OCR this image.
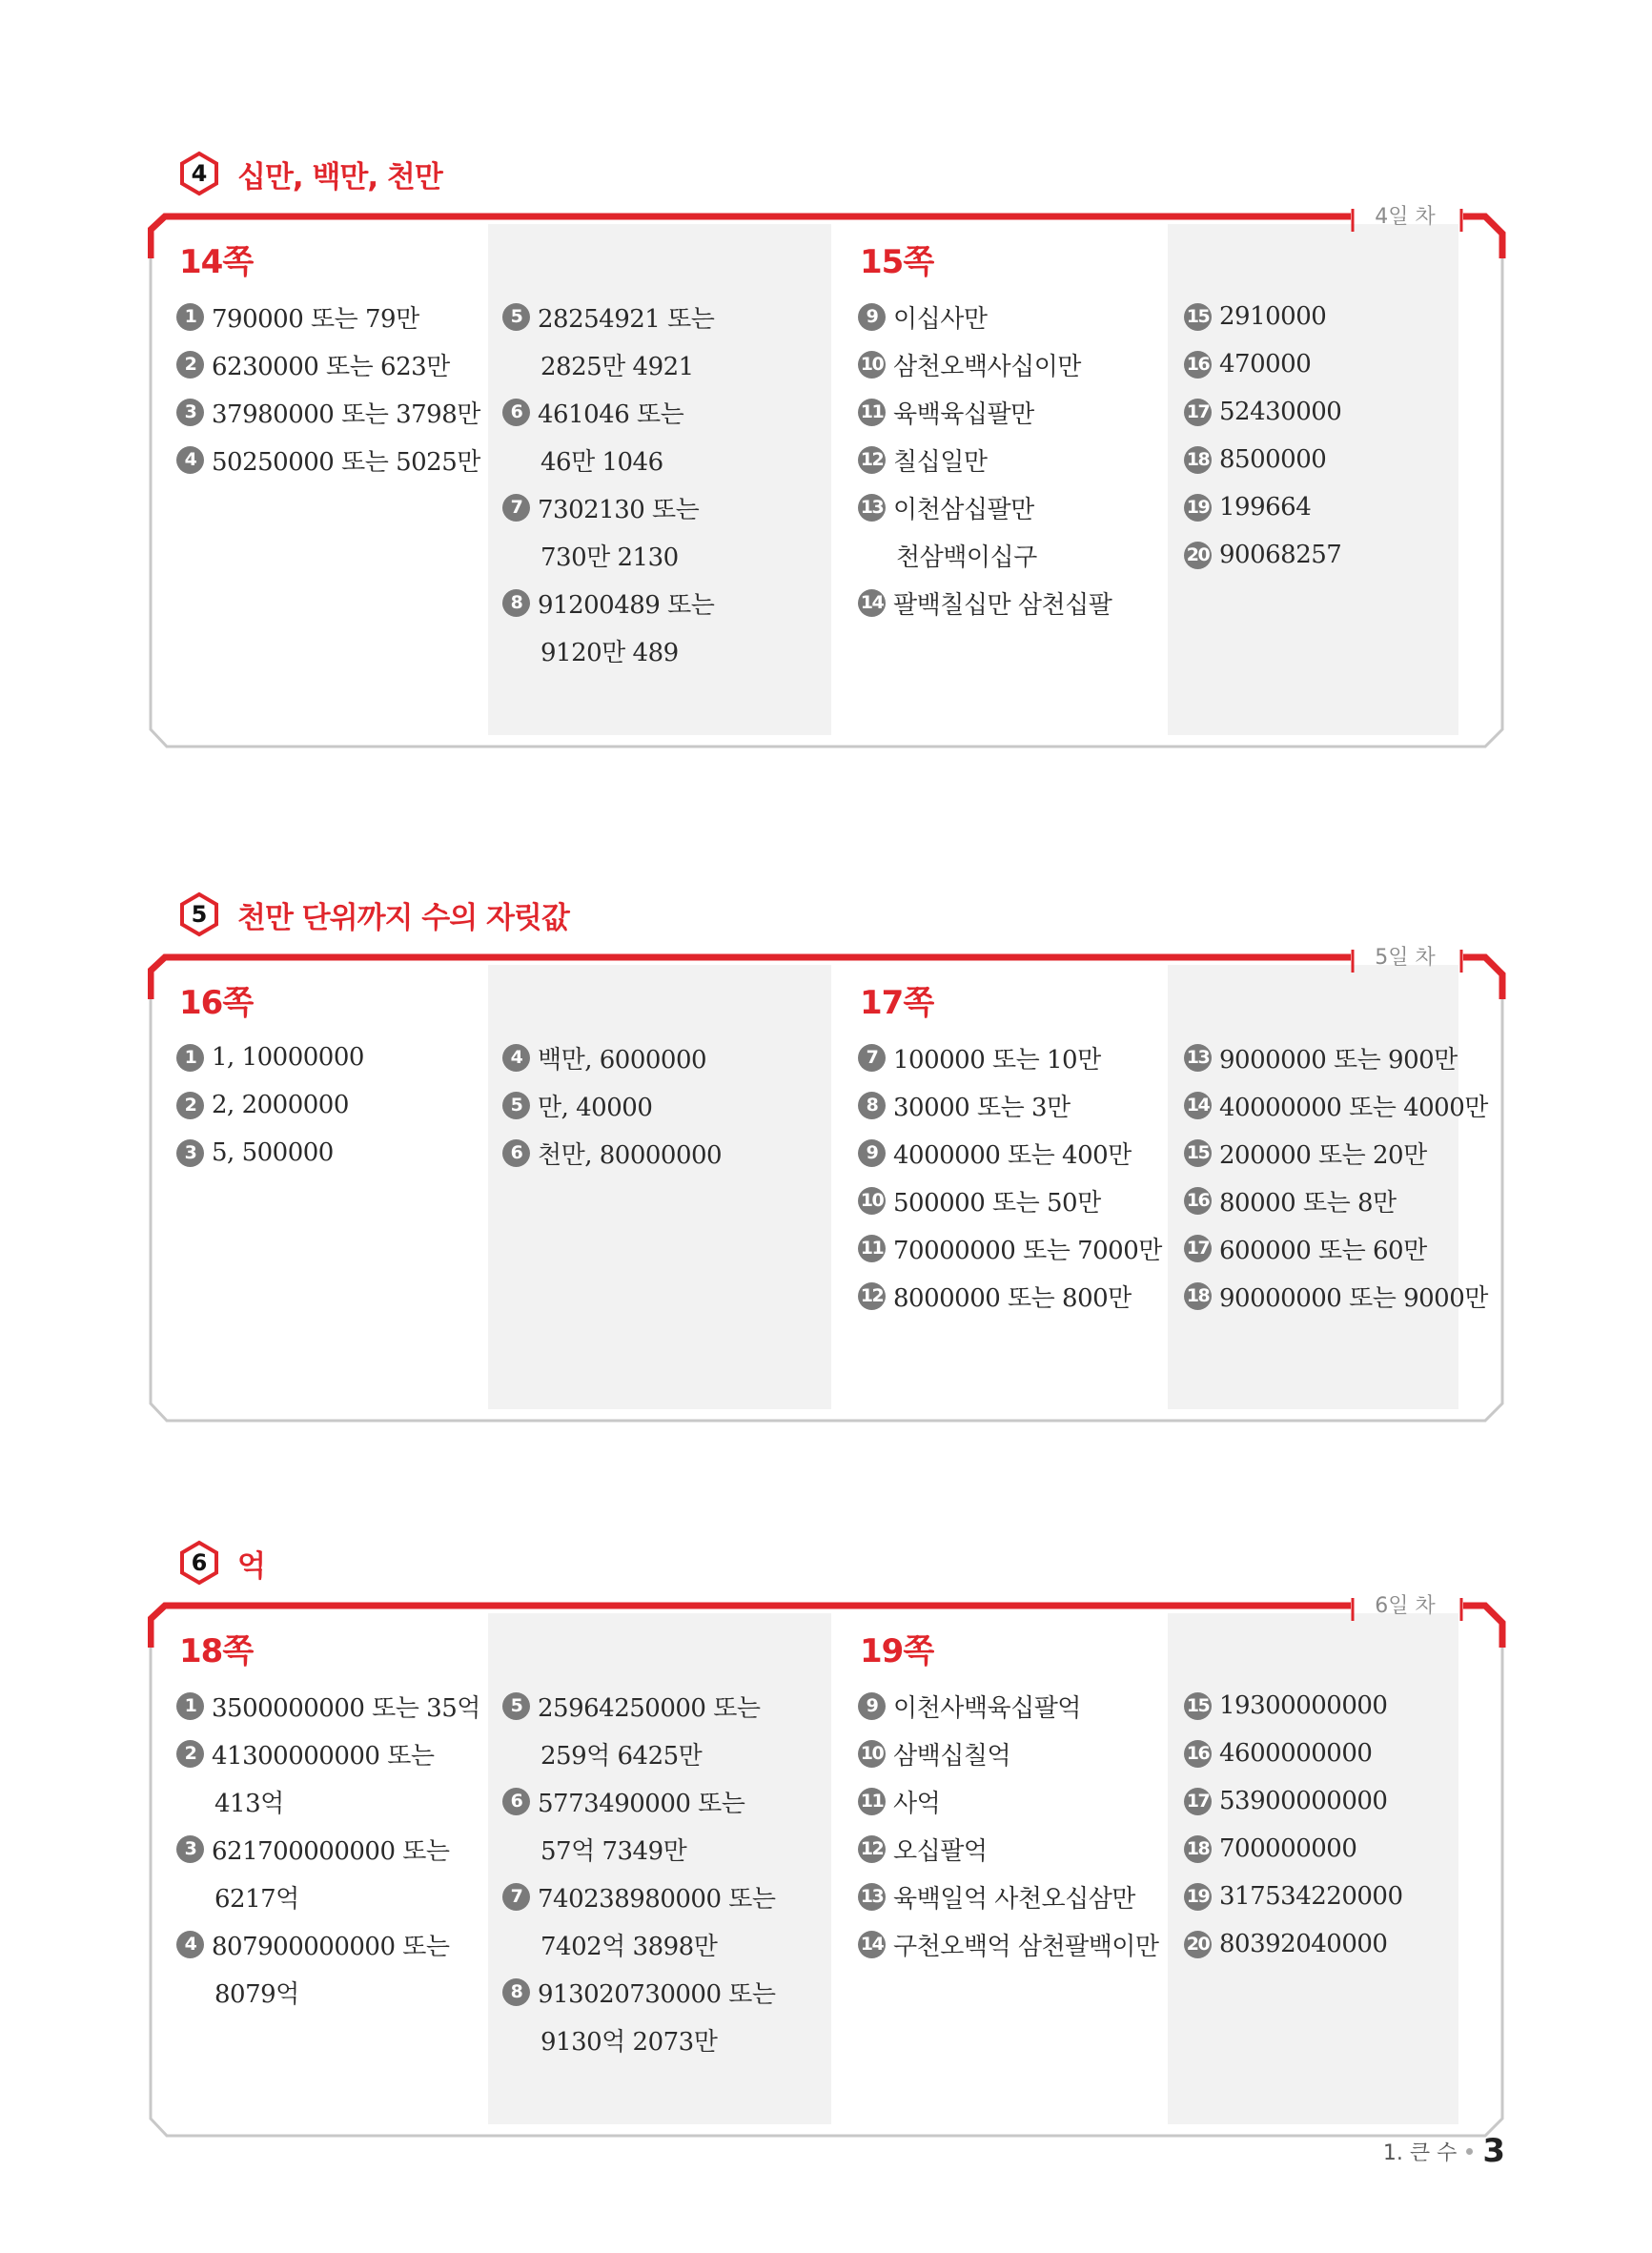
4	십만, 백만, 천만
4일 차
14쪽	15쪽
1 790000 또는 79만
2 6230000 또는 623만
3 37980000 또는 3798만
4 50250000 또는 5025만
5 28254921 또는
2825만 4921
6 461046 또는
46만 1046
7 7302130 또는
730만 2130
8 91200489 또는
9120만 489
9 이십사만
10 삼천오백사십이만
11 육백육십팔만
12 칠십일만
13 이천삼십팔만
천삼백이십구
14 팔백칠십만 삼천십팔
15 2910000
16 470000
17 52430000
18 8500000
19 199664
20 90068257
5	천만 단위까지 수의 자릿값
5일 차
16쪽	17쪽
1 1, 10000000
2 2, 2000000
3 5, 500000
4 백만, 6000000
5 만, 40000
6 천만, 80000000
7 100000 또는 10만
8 30000 또는 3만
9 4000000 또는 400만
10 500000 또는 50만
11 70000000 또는 7000만
12 8000000 또는 800만
13 9000000 또는 900만
14 40000000 또는 4000만
15 200000 또는 20만
16 80000 또는 8만
17 600000 또는 60만
18 90000000 또는 9000만
6	억
6일 차
18쪽	19쪽
1 3500000000 또는 35억
2 41300000000 또는
413억
3 621700000000 또는
6217억
4 807900000000 또는
8079억
5 25964250000 또는
259억 6425만
6 5773490000 또는
57억 7349만
7 740238980000 또는
7402억 3898만
8 913020730000 또는
9130억 2073만
9 이천사백육십팔억
10 삼백십칠억
11 사억
12 오십팔억
13 육백일억 사천오십삼만
14 구천오백억 삼천팔백이만
15 19300000000
16 4600000000
17 53900000000
18 700000000
19 317534220000
20 80392040000
1. 큰 수 3
